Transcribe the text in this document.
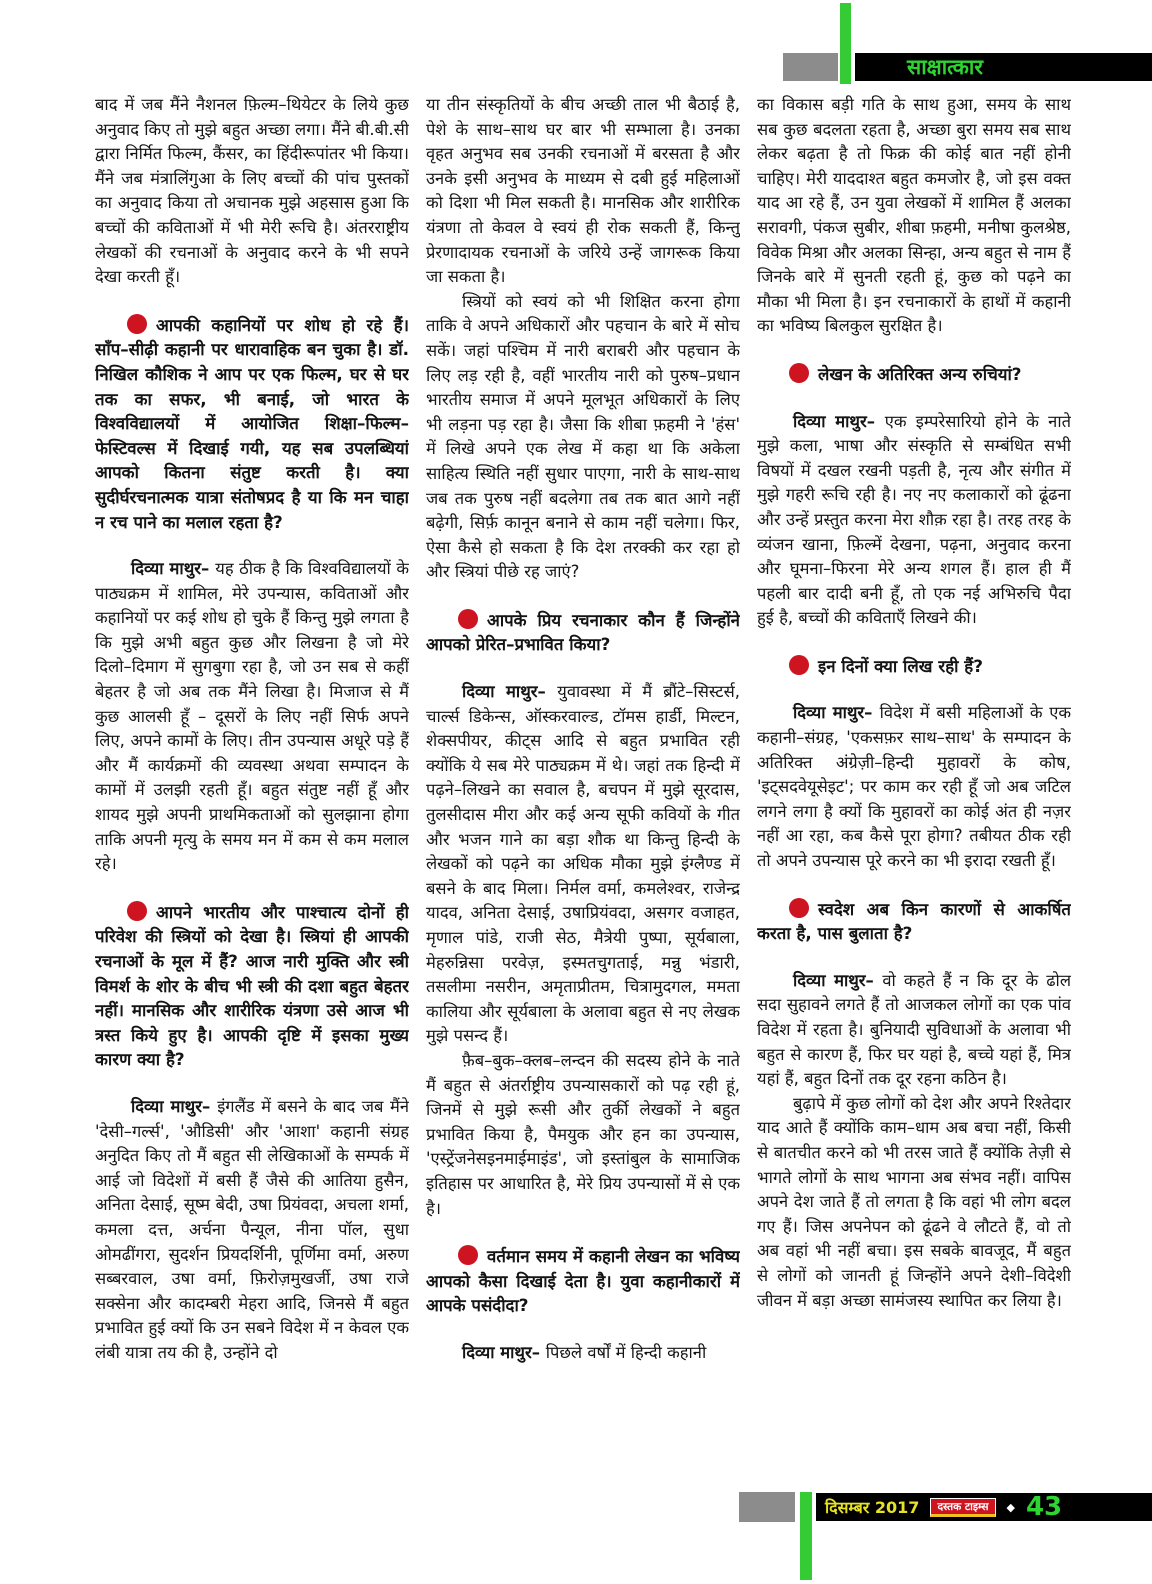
साक्षात्कार

बाद में जब मैंने नैशनल फ़िल्म–थियेटर के लिये कुछ अनुवाद किए तो मुझे बहुत अच्छा लगा। मैंने बी.बी.सी द्वारा निर्मित फिल्म, कैंसर, का हिंदीरूपांतर भी किया। मैंने जब मंत्रालिंगुआ के लिए बच्चों की पांच पुस्तकों का अनुवाद किया तो अचानक मुझे अहसास हुआ कि बच्चों की कविताओं में भी मेरी रूचि है। अंतरराष्ट्रीय लेखकों की रचनाओं के अनुवाद करने के भी सपने देखा करती हूँ।

आपकी कहानियों पर शोध हो रहे हैं। साँप–सीढ़ी कहानी पर धारावाहिक बन चुका है। डॉ. निखिल कौशिक ने आप पर एक फिल्म, घर से घर तक का सफर, भी बनाई, जो भारत के विश्वविद्यालयों में आयोजित शिक्षा–फिल्म–फेस्टिवल्स में दिखाई गयी, यह सब उपलब्धियां आपको कितना संतुष्ट करती है। क्या सुदीर्घरचनात्मक यात्रा संतोषप्रद है या कि मन चाहा न रच पाने का मलाल रहता है?

दिव्या माथुर– यह ठीक है कि विश्वविद्यालयों के पाठ्यक्रम में शामिल, मेरे उपन्यास, कविताओं और कहानियों पर कई शोध हो चुके हैं किन्तु मुझे लगता है कि मुझे अभी बहुत कुछ और लिखना है जो मेरे दिलो–दिमाग में सुगबुगा रहा है, जो उन सब से कहीं बेहतर है जो अब तक मैंने लिखा है। मिजाज से मैं कुछ आलसी हूँ – दूसरों के लिए नहीं सिर्फ अपने लिए, अपने कामों के लिए। तीन उपन्यास अधूरे पड़े हैं और मैं कार्यक्रमों की व्यवस्था अथवा सम्पादन के कामों में उलझी रहती हूँ। बहुत संतुष्ट नहीं हूँ और शायद मुझे अपनी प्राथमिकताओं को सुलझाना होगा ताकि अपनी मृत्यु के समय मन में कम से कम मलाल रहे।

आपने भारतीय और पाश्चात्य दोनों ही परिवेश की स्त्रियों को देखा है। स्त्रियां ही आपकी रचनाओं के मूल में हैं? आज नारी मुक्ति और स्त्री विमर्श के शोर के बीच भी स्त्री की दशा बहुत बेहतर नहीं। मानसिक और शारीरिक यंत्रणा उसे आज भी त्रस्त किये हुए है। आपकी दृष्टि में इसका मुख्य कारण क्या है?

दिव्या माथुर– इंगलैंड में बसने के बाद जब मैंने 'देसी–गर्ल्स', 'औडिसी' और 'आशा' कहानी संग्रह अनुदित किए तो मैं बहुत सी लेखिकाओं के सम्पर्क में आई जो विदेशों में बसी हैं जैसे की आतिया हुसैन, अनिता देसाई, सूष्म बेदी, उषा प्रियंवदा, अचला शर्मा, कमला दत्त, अर्चना पैन्यूल, नीना पॉल, सुधा ओमढींगरा, सुदर्शन प्रियदर्शिनी, पूर्णिमा वर्मा, अरुण सब्बरवाल, उषा वर्मा, फ़िरोज़मुखर्जी, उषा राजे सक्सेना और कादम्बरी मेहरा आदि, जिनसे मैं बहुत प्रभावित हुई क्यों कि उन सबने विदेश में न केवल एक लंबी यात्रा तय की है, उन्होंने दो

या तीन संस्कृतियों के बीच अच्छी ताल भी बैठाई है, पेशे के साथ–साथ घर बार भी सम्भाला है। उनका वृहत अनुभव सब उनकी रचनाओं में बरसता है और उनके इसी अनुभव के माध्यम से दबी हुई महिलाओं को दिशा भी मिल सकती है। मानसिक और शारीरिक यंत्रणा तो केवल वे स्वयं ही रोक सकती हैं, किन्तु प्रेरणादायक रचनाओं के जरिये उन्हें जागरूक किया जा सकता है।

स्त्रियों को स्वयं को भी शिक्षित करना होगा ताकि वे अपने अधिकारों और पहचान के बारे में सोच सकें। जहां पश्चिम में नारी बराबरी और पहचान के लिए लड़ रही है, वहीं भारतीय नारी को पुरुष–प्रधान भारतीय समाज में अपने मूलभूत अधिकारों के लिए भी लड़ना पड़ रहा है। जैसा कि शीबा फ़हमी ने 'हंस' में लिखे अपने एक लेख में कहा था कि अकेला साहित्य स्थिति नहीं सुधार पाएगा, नारी के साथ-साथ जब तक पुरुष नहीं बदलेगा तब तक बात आगे नहीं बढ़ेगी, सिर्फ़ कानून बनाने से काम नहीं चलेगा। फिर, ऐसा कैसे हो सकता है कि देश तरक्की कर रहा हो और स्त्रियां पीछे रह जाएं?

आपके प्रिय रचनाकार कौन हैं जिन्होंने आपको प्रेरित–प्रभावित किया?

दिव्या माथुर– युवावस्था में मैं ब्रौंटे–सिस्टर्स, चार्ल्स डिकेन्स, ऑस्करवाल्ड, टॉमस हार्डी, मिल्टन, शेक्सपीयर, कीट्स आदि से बहुत प्रभावित रही क्योंकि ये सब मेरे पाठ्यक्रम में थे। जहां तक हिन्दी में पढ़ने–लिखने का सवाल है, बचपन में मुझे सूरदास, तुलसीदास मीरा और कई अन्य सूफी कवियों के गीत और भजन गाने का बड़ा शौक था किन्तु हिन्दी के लेखकों को पढ़ने का अधिक मौका मुझे इंग्लैण्ड में बसने के बाद मिला। निर्मल वर्मा, कमलेश्वर, राजेन्द्र यादव, अनिता देसाई, उषाप्रियंवदा, असगर वजाहत, मृणाल पांडे, राजी सेठ, मैत्रेयी पुष्पा, सूर्यबाला, मेहरुन्निसा परवेज़, इस्मतचुगताई, मन्नु भंडारी, तसलीमा नसरीन, अमृताप्रीतम, चित्रामुदगल, ममता कालिया और सूर्यबाला के अलावा बहुत से नए लेखक मुझे पसन्द हैं।

फ़ैब–बुक–क्लब–लन्दन की सदस्य होने के नाते मैं बहुत से अंतर्राष्ट्रीय उपन्यासकारों को पढ़ रही हूं, जिनमें से मुझे रूसी और तुर्की लेखकों ने बहुत प्रभावित किया है, पैमयुक और हन का उपन्यास, 'एस्ट्रेंजनेसइनमाईमाइंड', जो इस्तांबुल के सामाजिक इतिहास पर आधारित है, मेरे प्रिय उपन्यासों में से एक है।

वर्तमान समय में कहानी लेखन का भविष्य आपको कैसा दिखाई देता है। युवा कहानीकारों में आपके पसंदीदा?

दिव्या माथुर– पिछले वर्षों में हिन्दी कहानी

का विकास बड़ी गति के साथ हुआ, समय के साथ सब कुछ बदलता रहता है, अच्छा बुरा समय सब साथ लेकर बढ़ता है तो फिक्र की कोई बात नहीं होनी चाहिए। मेरी याददाश्त बहुत कमजोर है, जो इस वक्त याद आ रहे हैं, उन युवा लेखकों में शामिल हैं अलका सरावगी, पंकज सुबीर, शीबा फ़हमी, मनीषा कुलश्रेष्ठ, विवेक मिश्रा और अलका सिन्हा, अन्य बहुत से नाम हैं जिनके बारे में सुनती रहती हूं, कुछ को पढ़ने का मौका भी मिला है। इन रचनाकारों के हाथों में कहानी का भविष्य बिलकुल सुरक्षित है।

लेखन के अतिरिक्त अन्य रुचियां?

दिव्या माथुर– एक इम्परेसारियो होने के नाते मुझे कला, भाषा और संस्कृति से सम्बंधित सभी विषयों में दखल रखनी पड़ती है, नृत्य और संगीत में मुझे गहरी रूचि रही है। नए नए कलाकारों को ढूंढना और उन्हें प्रस्तुत करना मेरा शौक़ रहा है। तरह तरह के व्यंजन खाना, फ़िल्में देखना, पढ़ना, अनुवाद करना और घूमना–फिरना मेरे अन्य शगल हैं। हाल ही मैं पहली बार दादी बनी हूँ, तो एक नई अभिरुचि पैदा हुई है, बच्चों की कविताएँ लिखने की।

इन दिनों क्या लिख रही हैं?

दिव्या माथुर– विदेश में बसी महिलाओं के एक कहानी–संग्रह, 'एकसफ़र साथ–साथ' के सम्पादन के अतिरिक्त अंग्रेज़ी–हिन्दी मुहावरों के कोष, 'इट्सदवेयूसेइट'; पर काम कर रही हूँ जो अब जटिल लगने लगा है क्यों कि मुहावरों का कोई अंत ही नज़र नहीं आ रहा, कब कैसे पूरा होगा? तबीयत ठीक रही तो अपने उपन्यास पूरे करने का भी इरादा रखती हूँ।

स्वदेश अब किन कारणों से आकर्षित करता है, पास बुलाता है?

दिव्या माथुर– वो कहते हैं न कि दूर के ढोल सदा सुहावने लगते हैं तो आजकल लोगों का एक पांव विदेश में रहता है। बुनियादी सुविधाओं के अलावा भी बहुत से कारण हैं, फिर घर यहां है, बच्चे यहां हैं, मित्र यहां हैं, बहुत दिनों तक दूर रहना कठिन है।

बुढ़ापे में कुछ लोगों को देश और अपने रिश्तेदार याद आते हैं क्योंकि काम–धाम अब बचा नहीं, किसी से बातचीत करने को भी तरस जाते हैं क्योंकि तेज़ी से भागते लोगों के साथ भागना अब संभव नहीं। वापिस अपने देश जाते हैं तो लगता है कि वहां भी लोग बदल गए हैं। जिस अपनेपन को ढूंढने वे लौटते हैं, वो तो अब वहां भी नहीं बचा। इस सबके बावजूद, मैं बहुत से लोगों को जानती हूं जिन्होंने अपने देशी–विदेशी जीवन में बड़ा अच्छा सामंजस्य स्थापित कर लिया है।

दिसम्बर 2017	दस्तक टाइम्स	◆ 43
